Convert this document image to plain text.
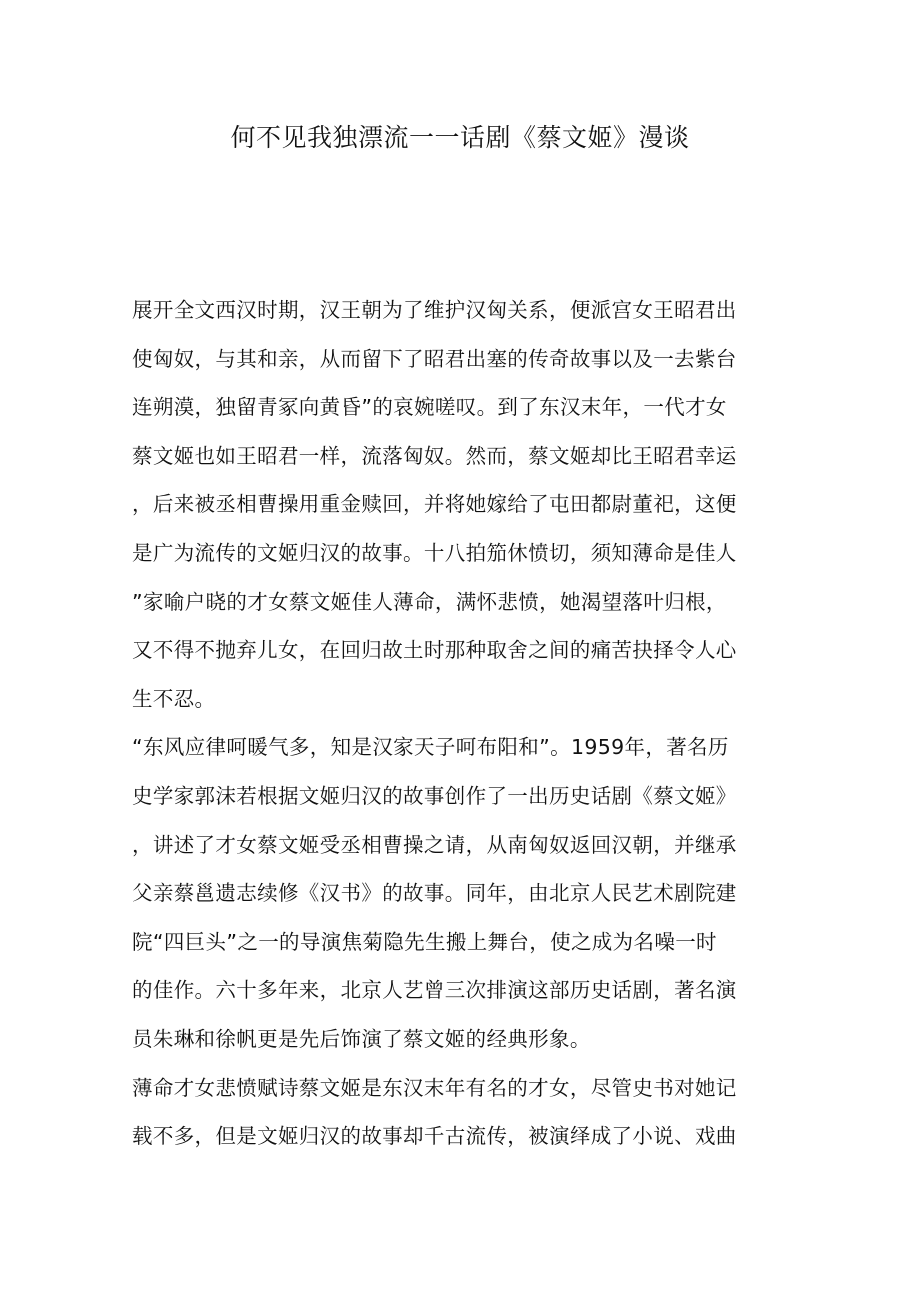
何不见我独漂流一一话剧《蔡文姬》漫谈
展开全文西汉时期，汉王朝为了维护汉匈关系，便派宫女王昭君出
使匈奴，与其和亲，从而留下了昭君出塞的传奇故事以及一去紫台
连朔漠，独留青冢向黄昏”的哀婉嗟叹。到了东汉末年，一代才女
蔡文姬也如王昭君一样，流落匈奴。然而，蔡文姬却比王昭君幸运
，后来被丞相曹操用重金赎回，并将她嫁给了屯田都尉董祀，这便
是广为流传的文姬归汉的故事。十八拍笳休愤切，须知薄命是佳人
”家喻户晓的才女蔡文姬佳人薄命，满怀悲愤，她渴望落叶归根，
又不得不抛弃儿女，在回归故土时那种取舍之间的痛苦抉择令人心
生不忍。
“东风应律呵暖气多，知是汉家天子呵布阳和”。1959年，著名历
史学家郭沫若根据文姬归汉的故事创作了一出历史话剧《蔡文姬》
，讲述了才女蔡文姬受丞相曹操之请，从南匈奴返回汉朝，并继承
父亲蔡邕遗志续修《汉书》的故事。同年，由北京人民艺术剧院建
院“四巨头”之一的导演焦菊隐先生搬上舞台，使之成为名噪一时
的佳作。六十多年来，北京人艺曾三次排演这部历史话剧，著名演
员朱琳和徐帆更是先后饰演了蔡文姬的经典形象。
薄命才女悲愤赋诗蔡文姬是东汉末年有名的才女，尽管史书对她记
载不多，但是文姬归汉的故事却千古流传，被演绎成了小说、戏曲
